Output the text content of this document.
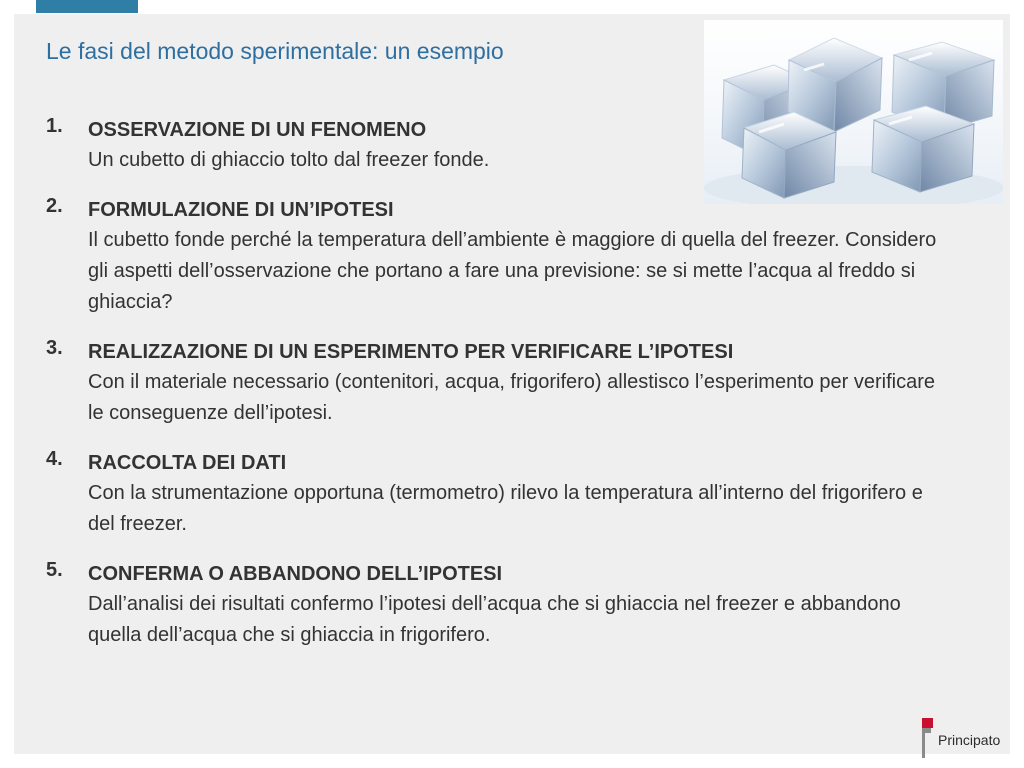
Le fasi del metodo sperimentale: un esempio
1. OSSERVAZIONE DI UN FENOMENO
Un cubetto di ghiaccio tolto dal freezer fonde.
2. FORMULAZIONE DI UN’IPOTESI
Il cubetto fonde perché la temperatura dell’ambiente è maggiore di quella del freezer. Considero gli aspetti dell’osservazione che portano a fare una previsione: se si mette l’acqua al freddo si ghiaccia?
3. REALIZZAZIONE DI UN ESPERIMENTO PER VERIFICARE L’IPOTESI
Con il materiale necessario (contenitori, acqua, frigorifero) allestisco l’esperimento per verificare le conseguenze dell’ipotesi.
4. RACCOLTA DEI DATI
Con la strumentazione opportuna (termometro) rilevo la temperatura all’interno del frigorifero e del freezer.
5. CONFERMA O ABBANDONO DELL’IPOTESI
Dall’analisi dei risultati confermo l’ipotesi dell’acqua che si ghiaccia nel freezer e abbandono quella dell’acqua che si ghiaccia in frigorifero.
Principato
